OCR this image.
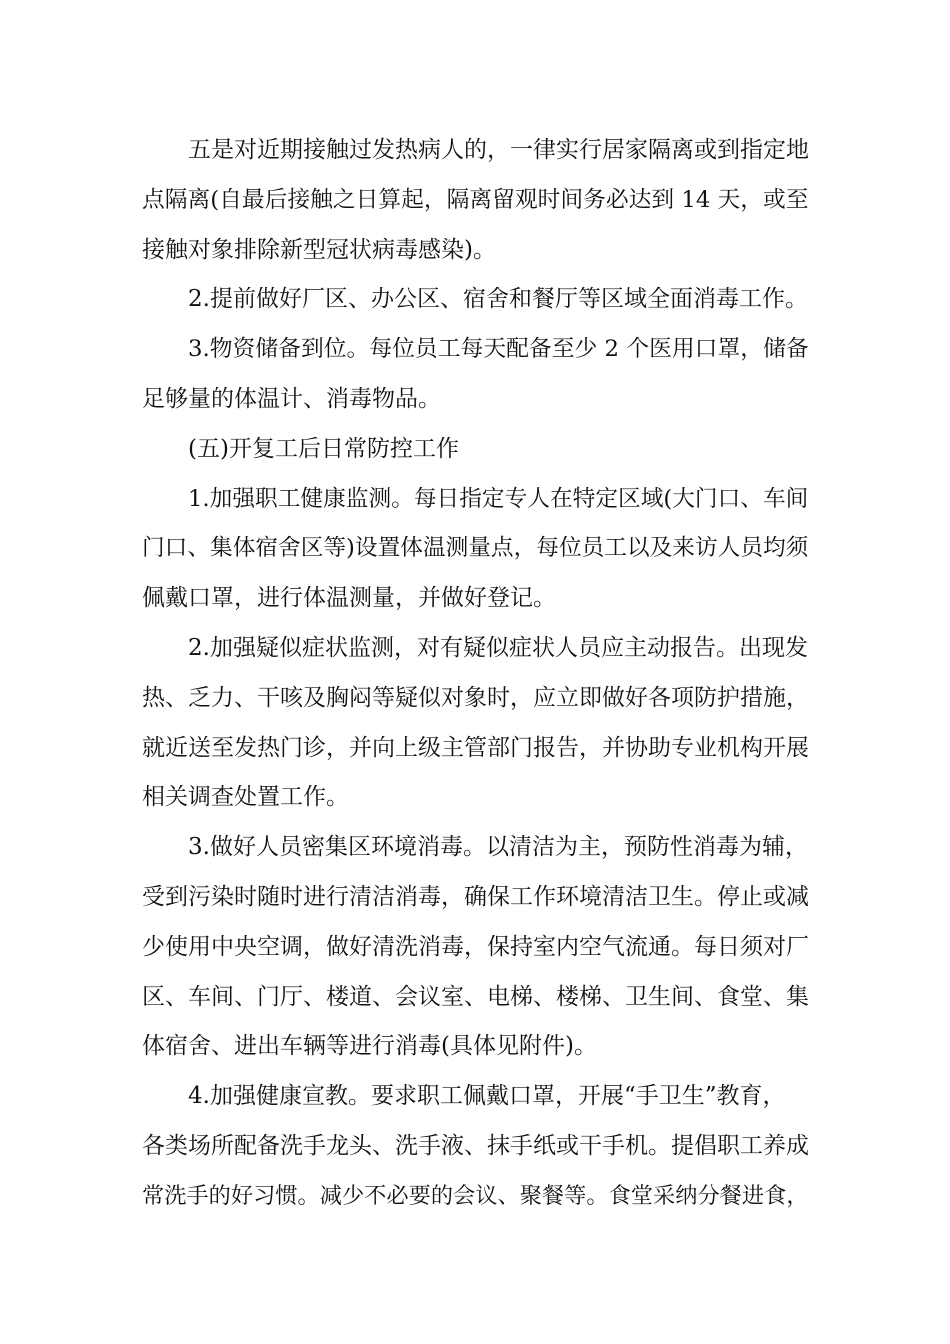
五是对近期接触过发热病人的，一律实行居家隔离或到指定地
点隔离(自最后接触之日算起，隔离留观时间务必达到 14 天，或至
接触对象排除新型冠状病毒感染)。
2.提前做好厂区、办公区、宿舍和餐厅等区域全面消毒工作。
3.物资储备到位。每位员工每天配备至少 2 个医用口罩，储备
足够量的体温计、消毒物品。
(五)开复工后日常防控工作
1.加强职工健康监测。每日指定专人在特定区域(大门口、车间
门口、集体宿舍区等)设置体温测量点，每位员工以及来访人员均须
佩戴口罩，进行体温测量，并做好登记。
2.加强疑似症状监测，对有疑似症状人员应主动报告。出现发
热、乏力、干咳及胸闷等疑似对象时，应立即做好各项防护措施，
就近送至发热门诊，并向上级主管部门报告，并协助专业机构开展
相关调查处置工作。
3.做好人员密集区环境消毒。以清洁为主，预防性消毒为辅，
受到污染时随时进行清洁消毒，确保工作环境清洁卫生。停止或减
少使用中央空调，做好清洗消毒，保持室内空气流通。每日须对厂
区、车间、门厅、楼道、会议室、电梯、楼梯、卫生间、食堂、集
体宿舍、进出车辆等进行消毒(具体见附件)。
4.加强健康宣教。要求职工佩戴口罩，开展“手卫生”教育，
各类场所配备洗手龙头、洗手液、抹手纸或干手机。提倡职工养成
常洗手的好习惯。减少不必要的会议、聚餐等。食堂采纳分餐进食，
